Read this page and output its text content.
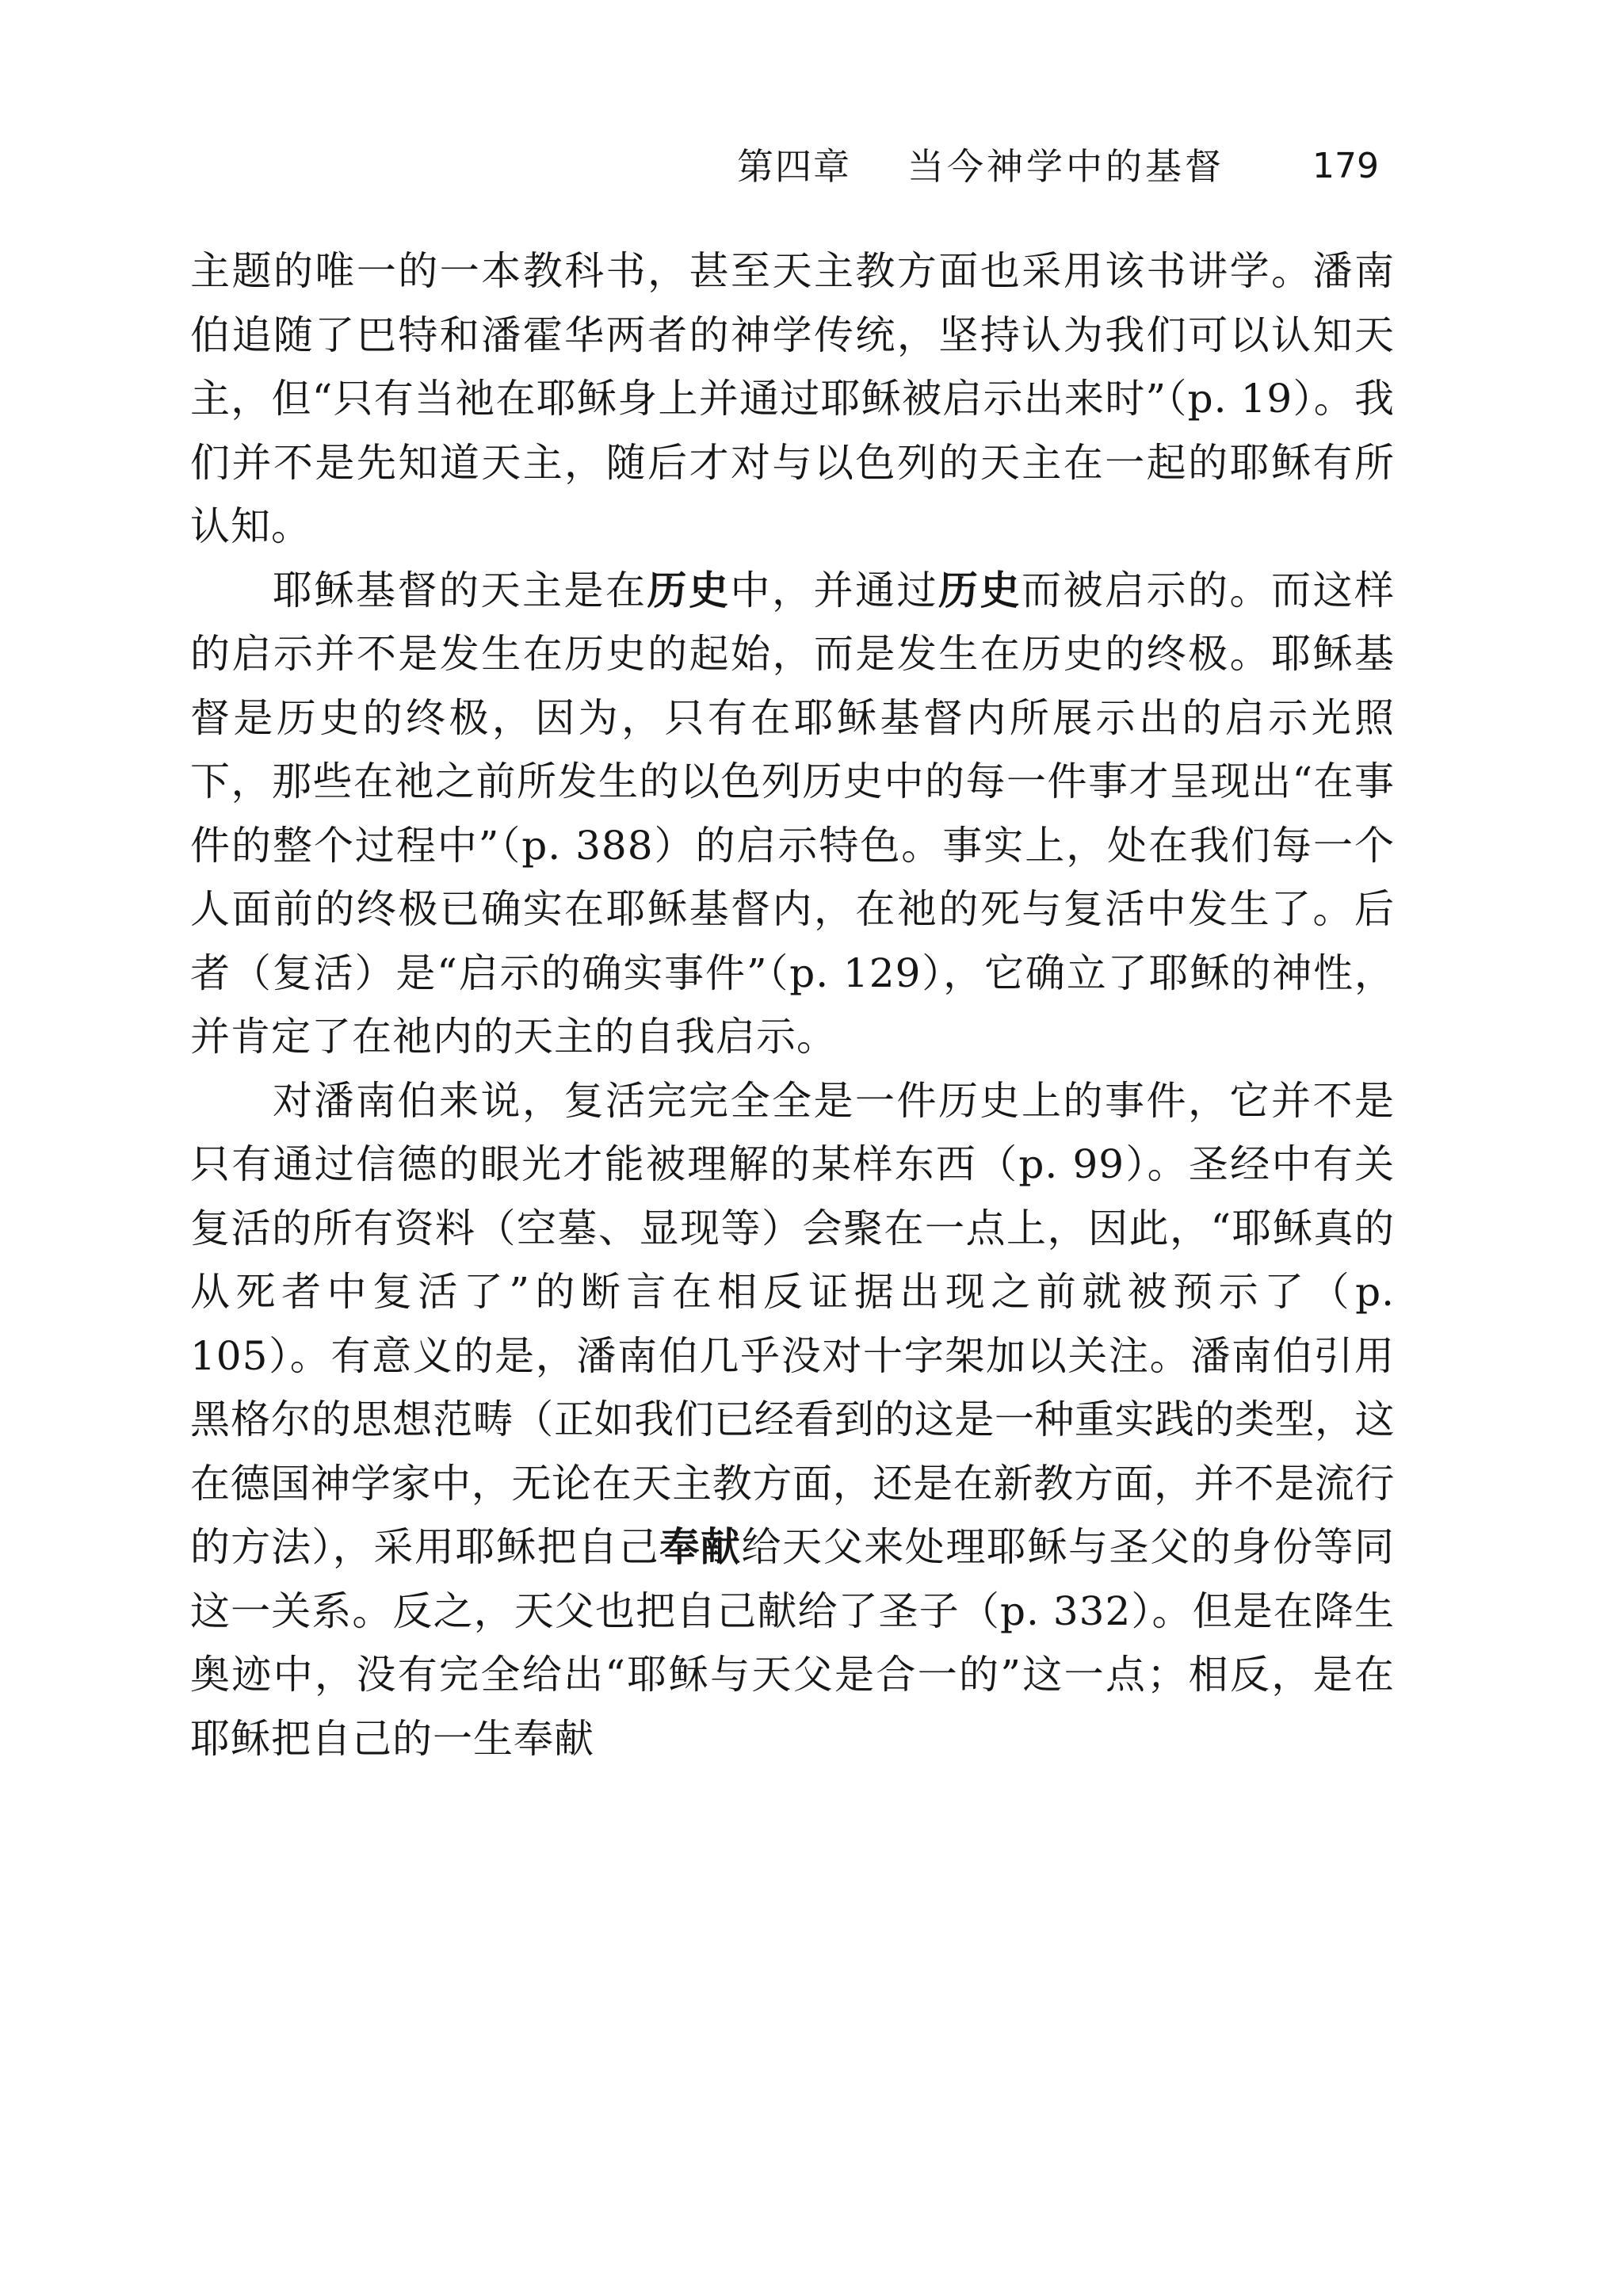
第四章 当今神学中的基督	179

主题的唯一的一本教科书，甚至天主教方面也采用该书讲学。潘南伯追随了巴特和潘霍华两者的神学传统，坚持认为我们可以认知天主，但“只有当祂在耶稣身上并通过耶稣被启示出来时”（p. 19）。我们并不是先知道天主，随后才对与以色列的天主在一起的耶稣有所认知。

耶稣基督的天主是在历史中，并通过历史而被启示的。而这样的启示并不是发生在历史的起始，而是发生在历史的终极。耶稣基督是历史的终极，因为，只有在耶稣基督内所展示出的启示光照下，那些在祂之前所发生的以色列历史中的每一件事才呈现出“在事件的整个过程中”（p. 388）的启示特色。事实上，处在我们每一个人面前的终极已确实在耶稣基督内，在祂的死与复活中发生了。后者（复活）是“启示的确实事件”（p. 129），它确立了耶稣的神性，并肯定了在祂内的天主的自我启示。

对潘南伯来说，复活完完全全是一件历史上的事件，它并不是只有通过信德的眼光才能被理解的某样东西（p. 99）。圣经中有关复活的所有资料（空墓、显现等）会聚在一点上，因此，“耶稣真的从死者中复活了”的断言在相反证据出现之前就被预示了（p. 105）。有意义的是，潘南伯几乎没对十字架加以关注。潘南伯引用黑格尔的思想范畴（正如我们已经看到的这是一种重实践的类型，这在德国神学家中，无论在天主教方面，还是在新教方面，并不是流行的方法），采用耶稣把自己奉献给天父来处理耶稣与圣父的身份等同这一关系。反之，天父也把自己献给了圣子（p. 332）。但是在降生奥迹中，没有完全给出“耶稣与天父是合一的”这一点；相反，是在耶稣把自己的一生奉献
